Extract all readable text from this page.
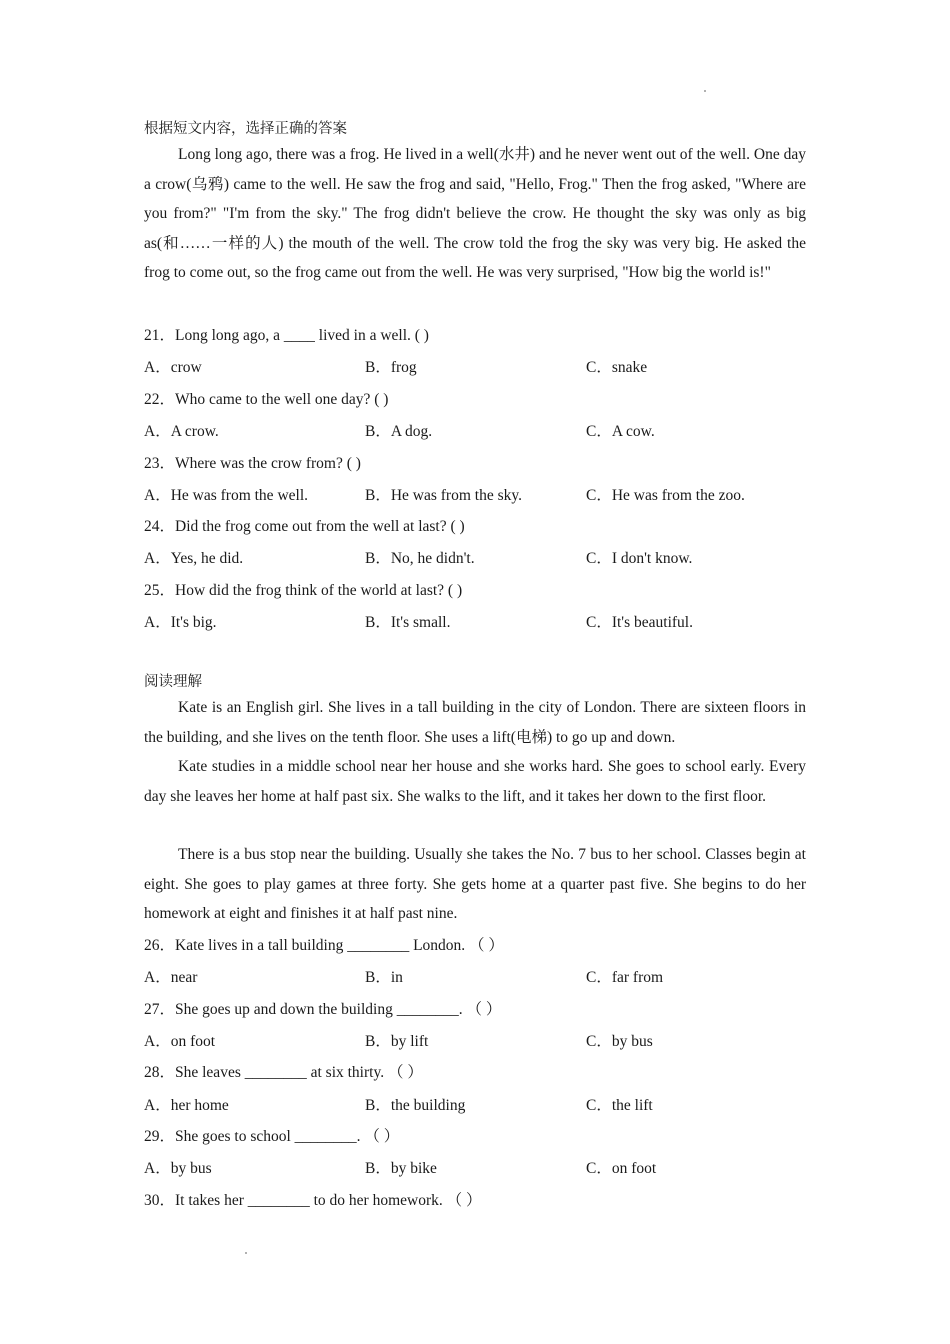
根据短文内容，选择正确的答案

Long long ago, there was a frog. He lived in a well(水井) and he never went out of the well. One day a crow(乌鸦) came to the well. He saw the frog and said, "Hello, Frog." Then the frog asked, "Where are you from?" "I'm from the sky." The frog didn't believe the crow. He thought the sky was only as big as(和……一样的人) the mouth of the well. The crow told the frog the sky was very big. He asked the frog to come out, so the frog came out from the well. He was very surprised, "How big the world is!"

21．Long long ago, a ____ lived in a well. ( )
A．crow	B．frog	C．snake
22．Who came to the well one day? ( )
A．A crow.	B．A dog.	C．A cow.
23．Where was the crow from? ( )
A．He was from the well.	B．He was from the sky.	C．He was from the zoo.
24．Did the frog come out from the well at last? ( )
A．Yes, he did.	B．No, he didn't.	C．I don't know.
25．How did the frog think of the world at last? ( )
A．It's big.	B．It's small.	C．It's beautiful.
阅读理解

Kate is an English girl. She lives in a tall building in the city of London. There are sixteen floors in the building, and she lives on the tenth floor. She uses a lift(电梯) to go up and down.

Kate studies in a middle school near her house and she works hard. She goes to school early. Every day she leaves her home at half past six. She walks to the lift, and it takes her down to the first floor.

There is a bus stop near the building. Usually she takes the No. 7 bus to her school. Classes begin at eight. She goes to play games at three forty. She gets home at a quarter past five. She begins to do her homework at eight and finishes it at half past nine.

26．Kate lives in a tall building ________ London. （ ）
A．near	B．in	C．far from
27．She goes up and down the building ________. （ ）
A．on foot	B．by lift	C．by bus
28．She leaves ________ at six thirty. （ ）
A．her home	B．the building	C．the lift
29．She goes to school ________. （ ）
A．by bus	B．by bike	C．on foot
30．It takes her ________ to do her homework. （ ）
